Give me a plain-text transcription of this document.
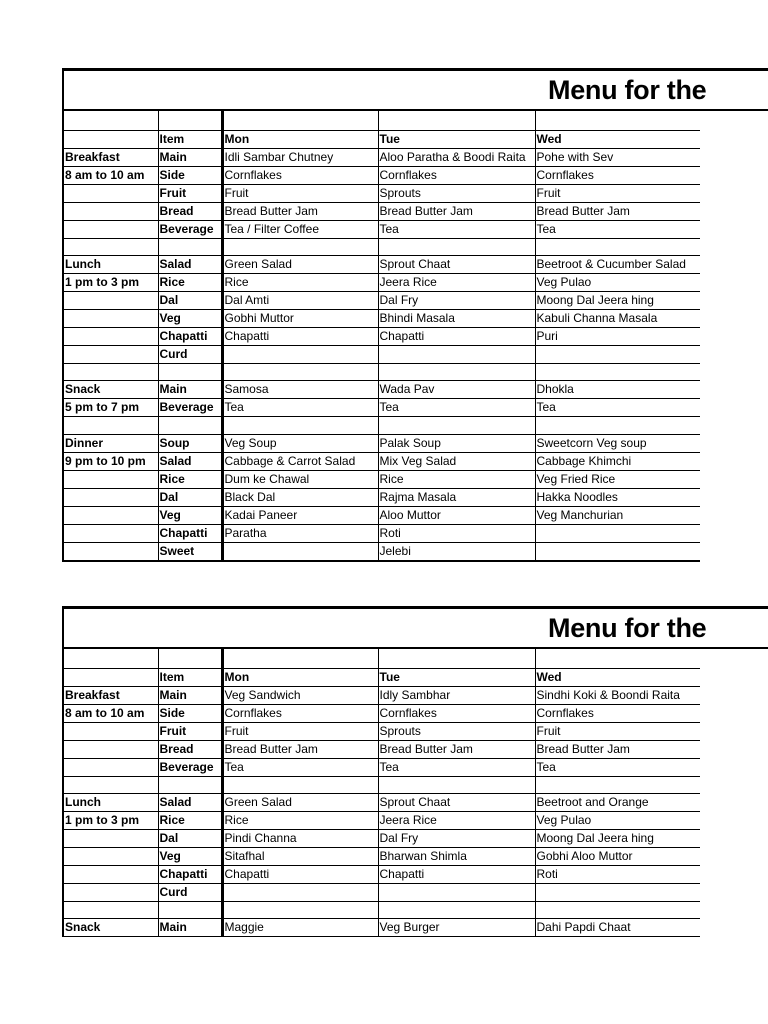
Menu for the

	Item	Mon	Tue	Wed
Breakfast	Main	Idli Sambar Chutney	Aloo Paratha & Boodi Raita	Pohe with Sev
8 am to 10 am	Side	Cornflakes	Cornflakes	Cornflakes
	Fruit	Fruit	Sprouts	Fruit
	Bread	Bread Butter Jam	Bread Butter Jam	Bread Butter Jam
	Beverage	Tea / Filter Coffee	Tea	Tea

Lunch	Salad	Green Salad	Sprout Chaat	Beetroot & Cucumber Salad
1 pm to 3 pm	Rice	Rice	Jeera Rice	Veg Pulao
	Dal	Dal Amti	Dal Fry	Moong Dal Jeera hing
	Veg	Gobhi Muttor	Bhindi Masala	Kabuli Channa Masala
	Chapatti	Chapatti	Chapatti	Puri
	Curd			

Snack	Main	Samosa	Wada Pav	Dhokla
5 pm to 7 pm	Beverage	Tea	Tea	Tea

Dinner	Soup	Veg Soup	Palak Soup	Sweetcorn Veg soup
9 pm to 10 pm	Salad	Cabbage & Carrot Salad	Mix Veg Salad	Cabbage Khimchi
	Rice	Dum ke Chawal	Rice	Veg Fried Rice
	Dal	Black Dal	Rajma Masala	Hakka Noodles
	Veg	Kadai Paneer	Aloo Muttor	Veg Manchurian
	Chapatti	Paratha	Roti	
	Sweet		Jelebi	
Menu for the

	Item	Mon	Tue	Wed
Breakfast	Main	Veg Sandwich	Idly Sambhar	Sindhi Koki & Boondi Raita
8 am to 10 am	Side	Cornflakes	Cornflakes	Cornflakes
	Fruit	Fruit	Sprouts	Fruit
	Bread	Bread Butter Jam	Bread Butter Jam	Bread Butter Jam
	Beverage	Tea	Tea	Tea

Lunch	Salad	Green Salad	Sprout Chaat	Beetroot and Orange
1 pm to 3 pm	Rice	Rice	Jeera Rice	Veg Pulao
	Dal	Pindi Channa	Dal Fry	Moong Dal Jeera hing
	Veg	Sitafhal	Bharwan Shimla	Gobhi Aloo Muttor
	Chapatti	Chapatti	Chapatti	Roti
	Curd			

Snack	Main	Maggie	Veg Burger	Dahi Papdi Chaat
